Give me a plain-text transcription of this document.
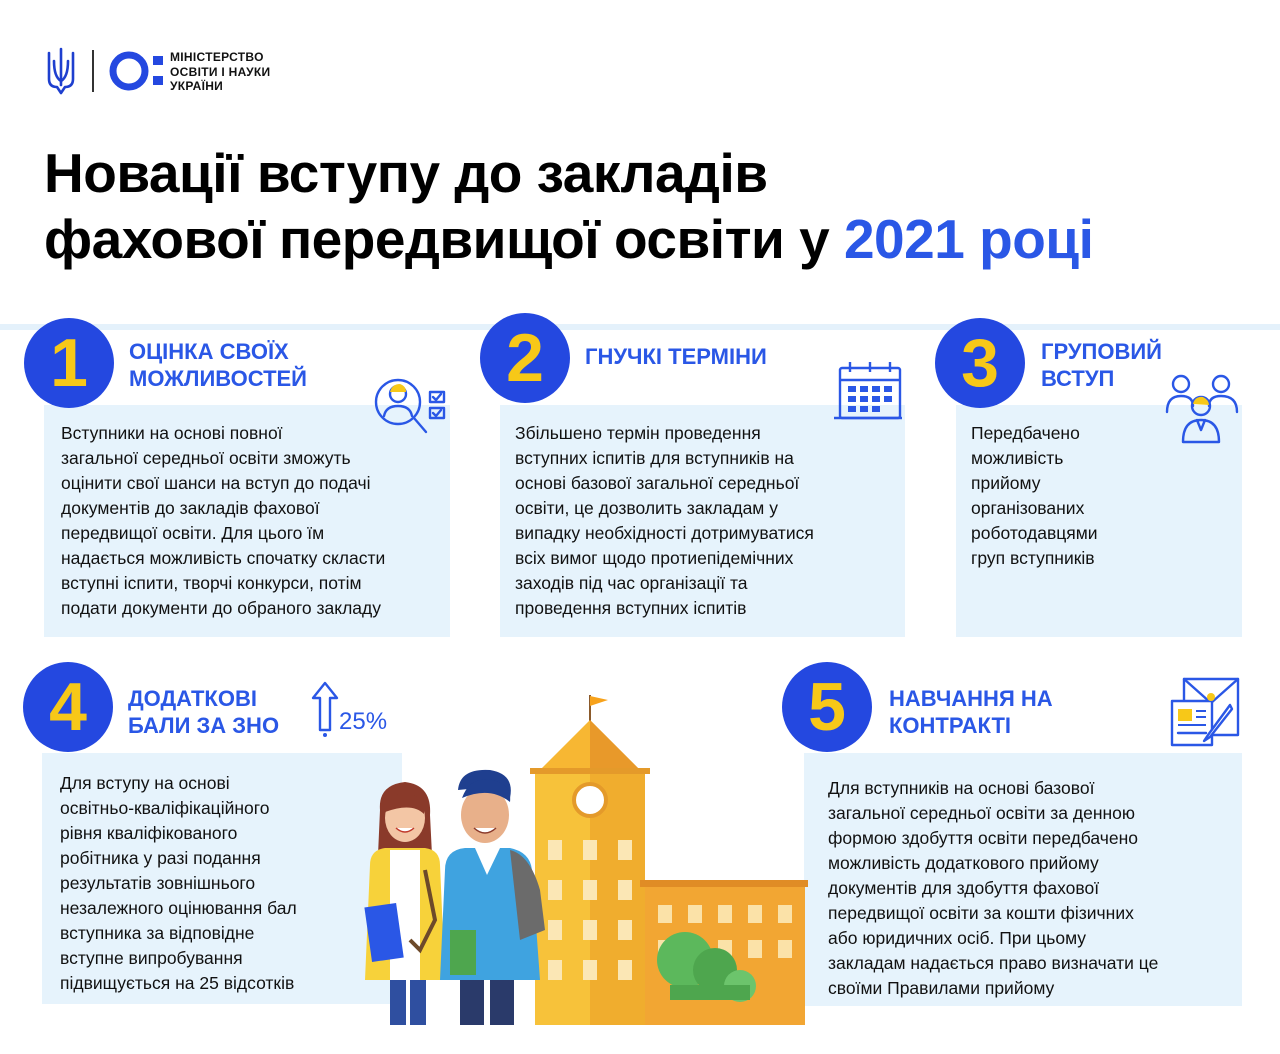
МІНІСТЕРСТВО
ОСВІТИ І НАУКИ
УКРАЇНИ
Новації вступу до закладів
фахової передвищої освіти у 2021 році
1	ОЦІНКА СВОЇХ
МОЖЛИВОСТЕЙ
Вступники на основі повної
загальної середньої освіти зможуть
оцінити свої шанси на вступ до подачі
документів до закладів фахової
передвищої освіти. Для цього їм
надається можливість спочатку скласти
вступні іспити, творчі конкурси, потім
подати документи до обраного закладу
2	ГНУЧКІ ТЕРМІНИ
Збільшено термін проведення
вступних іспитів для вступників на
основі базової загальної середньої
освіти, це дозволить закладам у
випадку необхідності дотримуватися
всіх вимог щодо протиепідемічних
заходів під час організації та
проведення вступних іспитів
3	ГРУПОВИЙ
ВСТУП
Передбачено
можливість
прийому
організованих
роботодавцями
груп вступників
4	ДОДАТКОВІ
БАЛИ ЗА ЗНО 25%
Для вступу на основі
освітньо-кваліфікаційного
рівня кваліфікованого
робітника у разі подання
результатів зовнішнього
незалежного оцінювання бал
вступника за відповідне
вступне випробування
підвищується на 25 відсотків
5	НАВЧАННЯ НА
КОНТРАКТІ
Для вступників на основі базової
загальної середньої освіти за денною
формою здобуття освіти передбачено
можливість додаткового прийому
документів для здобуття фахової
передвищої освіти за кошти фізичних
або юридичних осіб. При цьому
закладам надається право визначати це
своїми Правилами прийому
